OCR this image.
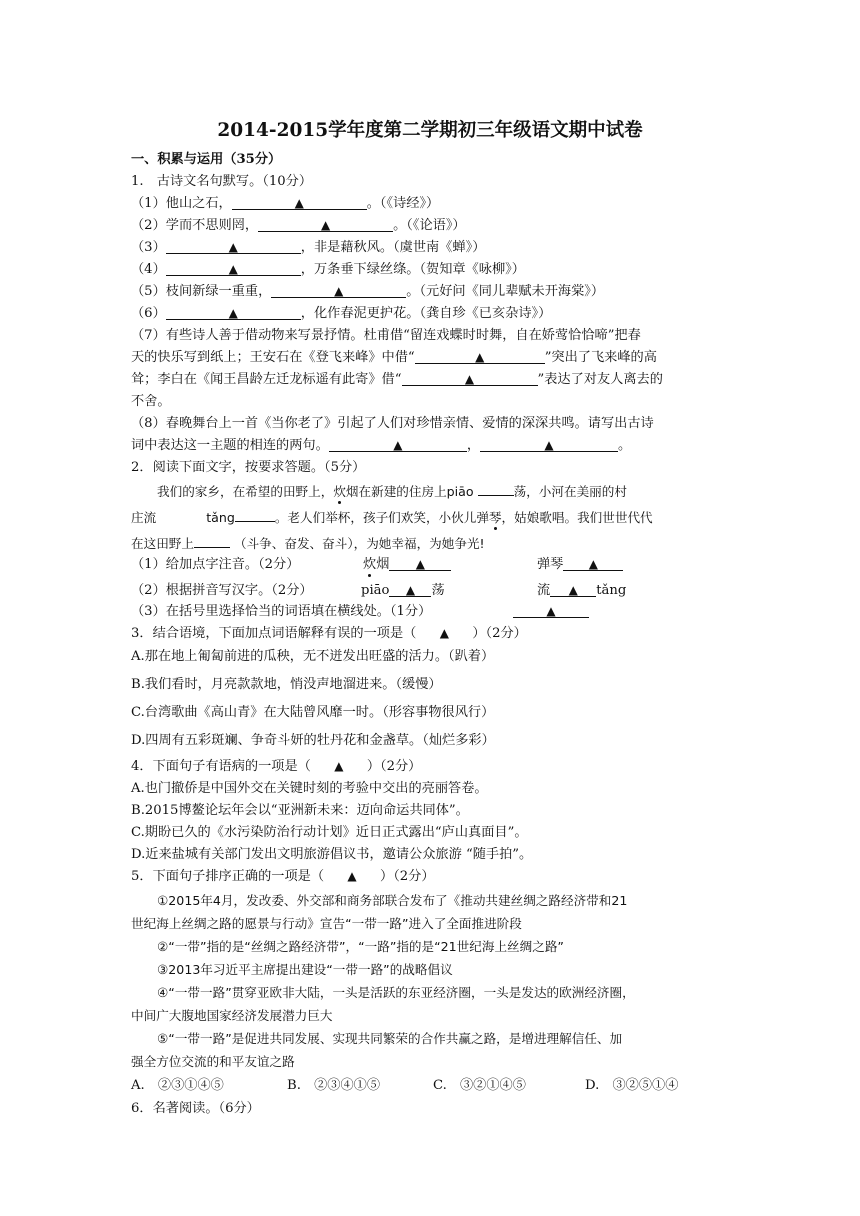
2014-2015学年度第二学期初三年级语文期中试卷
一、积累与运用（35分）
1.　古诗文名句默写。（10分）
（1）他山之石，	▲	。（《诗经》）
（2）学而不思则罔，	▲	。（《论语》）
（3）	▲	，非是藉秋风。（虞世南《蝉》）
（4）	▲	，万条垂下绿丝绦。（贺知章《咏柳》）
（5）枝间新绿一重重，	▲	。（元好问《同儿辈赋未开海棠》）
（6）	▲	，化作春泥更护花。（龚自珍《已亥杂诗》）
（7）有些诗人善于借动物来写景抒情。杜甫借“留连戏蝶时时舞，自在娇莺恰恰啼”把春
天的快乐写到纸上；王安石在《登飞来峰》中借“	▲	”突出了飞来峰的高
耸；李白在《闻王昌龄左迁龙标遥有此寄》借“	▲	”表达了对友人离去的
不舍。
（8）春晚舞台上一首《当你老了》引起了人们对珍惜亲情、爱情的深深共鸣。请写出古诗
词中表达这一主题的相连的两句。	▲	，	▲	。
2．阅读下面文字，按要求答题。（5分）
我们的家乡，在希望的田野上，炊烟在新建的住房上piāo	荡，小河在美丽的村
庄流	tǎng	。老人们举杯，孩子们欢笑，小伙儿弹琴，姑娘歌唱。我们世世代代
在这田野上	（斗争、奋发、奋斗），为她幸福，为她争光!
（1）给加点字注音。（2分）	炊烟 ▲	弹琴 ▲
（2）根据拼音写汉字。（2分）	piāo ▲ 荡	流 ▲ tǎng
（3）在括号里选择恰当的词语填在横线处。（1分）	▲
3．结合语境，下面加点词语解释有误的一项是（ ▲ ）（2分）
A.那在地上匍匐前进的瓜秧，无不迸发出旺盛的活力。（趴着）
B.我们看时，月亮款款地，悄没声地溜进来。（缓慢）
C.台湾歌曲《高山青》在大陆曾风靡一时。（形容事物很风行）
D.四周有五彩斑斓、争奇斗妍的牡丹花和金盏草。（灿烂多彩）
4．下面句子有语病的一项是（ ▲ ）（2分）
A.也门撤侨是中国外交在关键时刻的考验中交出的亮丽答卷。
B.2015博鳌论坛年会以“亚洲新未来：迈向命运共同体”。
C.期盼已久的《水污染防治行动计划》近日正式露出“庐山真面目”。
D.近来盐城有关部门发出文明旅游倡议书，邀请公众旅游 “随手拍”。
5．下面句子排序正确的一项是（ ▲ ）（2分）
①2015年4月，发改委、外交部和商务部联合发布了《推动共建丝绸之路经济带和21
世纪海上丝绸之路的愿景与行动》宣告“一带一路”进入了全面推进阶段
②“一带”指的是“丝绸之路经济带”，“一路”指的是“21世纪海上丝绸之路”
③2013年习近平主席提出建设“一带一路”的战略倡议
④“一带一路”贯穿亚欧非大陆，一头是活跃的东亚经济圈，一头是发达的欧洲经济圈，
中间广大腹地国家经济发展潜力巨大
⑤“一带一路”是促进共同发展、实现共同繁荣的合作共赢之路，是增进理解信任、加
强全方位交流的和平友谊之路
A.　②③①④⑤	B.　②③④①⑤	C.　③②①④⑤	D.　③②⑤①④
6．名著阅读。（6分）
